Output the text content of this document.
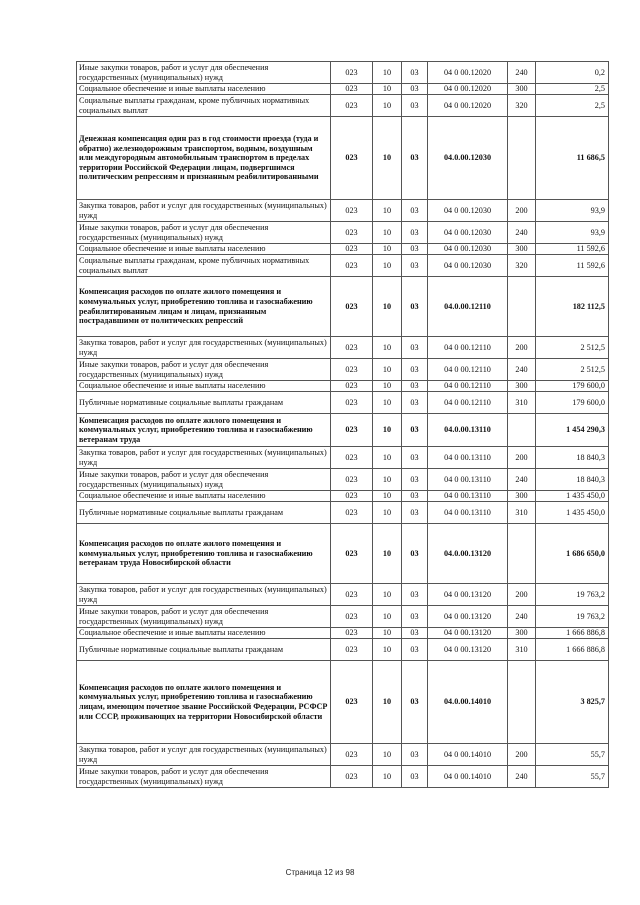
Иные закупки товаров, работ и услуг для обеспечения государственных (муниципальных) нужд	023	10	03	04 0 00.12020	240	0,2
Социальное обеспечение и иные выплаты населению	023	10	03	04 0 00.12020	300	2,5
Социальные выплаты гражданам, кроме публичных нормативных социальных выплат	023	10	03	04 0 00.12020	320	2,5
Денежная компенсация один раз в год стоимости проезда (туда и обратно) железнодорожным транспортом, водным, воздушным или междугородным автомобильным транспортом в пределах территории Российской Федерации лицам, подвергшимся политическим репрессиям и признанным реабилитированными	023	10	03	04.0.00.12030		11 686,5
Закупка товаров, работ и услуг для государственных (муниципальных) нужд	023	10	03	04 0 00.12030	200	93,9
Иные закупки товаров, работ и услуг для обеспечения государственных (муниципальных) нужд	023	10	03	04 0 00.12030	240	93,9
Социальное обеспечение и иные выплаты населению	023	10	03	04 0 00.12030	300	11 592,6
Социальные выплаты гражданам, кроме публичных нормативных социальных выплат	023	10	03	04 0 00.12030	320	11 592,6
Компенсация расходов по оплате жилого помещения и коммунальных услуг, приобретению топлива и газоснабжению реабилитированным лицам и лицам, признанным пострадавшими от политических репрессий	023	10	03	04.0.00.12110		182 112,5
Закупка товаров, работ и услуг для государственных (муниципальных) нужд	023	10	03	04 0 00.12110	200	2 512,5
Иные закупки товаров, работ и услуг для обеспечения государственных (муниципальных) нужд	023	10	03	04 0 00.12110	240	2 512,5
Социальное обеспечение и иные выплаты населению	023	10	03	04 0 00.12110	300	179 600,0
Публичные нормативные социальные выплаты гражданам	023	10	03	04 0 00.12110	310	179 600,0
Компенсация расходов по оплате жилого помещения и коммунальных услуг, приобретению топлива и газоснабжению ветеранам труда	023	10	03	04.0.00.13110		1 454 290,3
Закупка товаров, работ и услуг для государственных (муниципальных) нужд	023	10	03	04 0 00.13110	200	18 840,3
Иные закупки товаров, работ и услуг для обеспечения государственных (муниципальных) нужд	023	10	03	04 0 00.13110	240	18 840,3
Социальное обеспечение и иные выплаты населению	023	10	03	04 0 00.13110	300	1 435 450,0
Публичные нормативные социальные выплаты гражданам	023	10	03	04 0 00.13110	310	1 435 450,0
Компенсация расходов по оплате жилого помещения и коммунальных услуг, приобретению топлива и газоснабжению ветеранам труда Новосибирской области	023	10	03	04.0.00.13120		1 686 650,0
Закупка товаров, работ и услуг для государственных (муниципальных) нужд	023	10	03	04 0 00.13120	200	19 763,2
Иные закупки товаров, работ и услуг для обеспечения государственных (муниципальных) нужд	023	10	03	04 0 00.13120	240	19 763,2
Социальное обеспечение и иные выплаты населению	023	10	03	04 0 00.13120	300	1 666 886,8
Публичные нормативные социальные выплаты гражданам	023	10	03	04 0 00.13120	310	1 666 886,8
Компенсация расходов по оплате жилого помещения и коммунальных услуг, приобретению топлива и газоснабжению лицам, имеющим почетное звание Российской Федерации, РСФСР или СССР, проживающих на территории Новосибирской области	023	10	03	04.0.00.14010		3 825,7
Закупка товаров, работ и услуг для государственных (муниципальных) нужд	023	10	03	04 0 00.14010	200	55,7
Иные закупки товаров, работ и услуг для обеспечения государственных (муниципальных) нужд	023	10	03	04 0 00.14010	240	55,7
Страница 12 из 98
